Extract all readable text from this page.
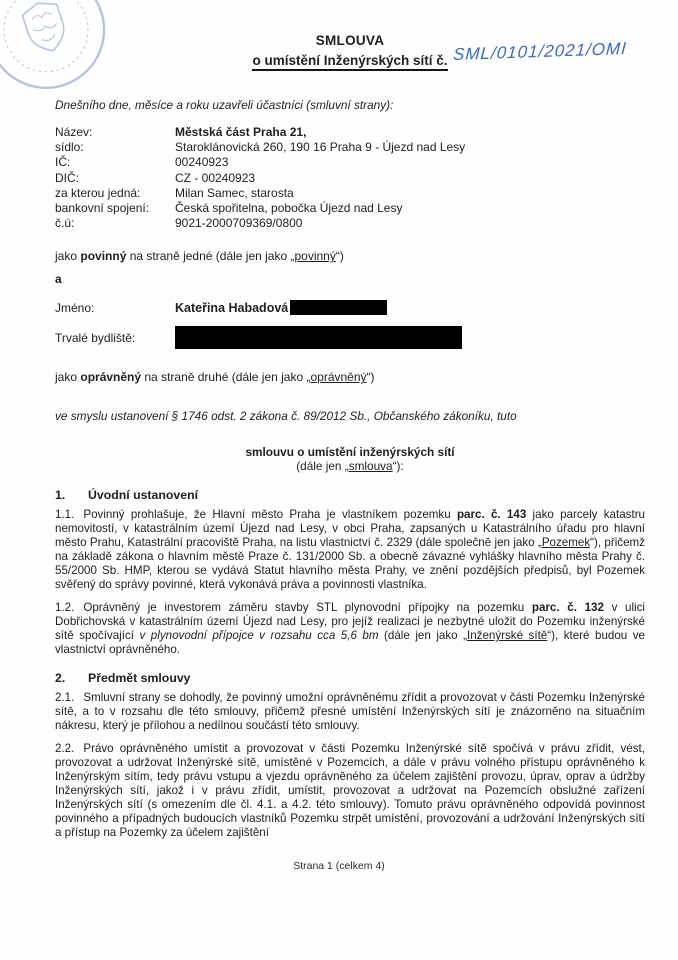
SMLOUVA
o umístění Inženýrských sítí č. SML/0101/2021/OMI
Dnešního dne, měsíce a roku uzavřeli účastníci (smluvní strany):
Název:	Městská část Praha 21,
sídlo:	Staroklánovická 260, 190 16 Praha 9 - Újezd nad Lesy
IČ:	00240923
DIČ:	CZ - 00240923
za kterou jedná:	Milan Samec, starosta
bankovní spojení:	Česká spořitelna, pobočka Újezd nad Lesy
č.ú:	9021-2000709369/0800
jako povinný na straně jedné (dále jen jako „povinný“)
a
Jméno:	Kateřina Habadová
Trvalé bydliště:
jako oprávněný na straně druhé (dále jen jako „oprávněný“)
ve smyslu ustanovení § 1746 odst. 2 zákona č. 89/2012 Sb., Občanského zákoníku, tuto
smlouvu o umístění inženýrských sítí
(dále jen „smlouva“):
1.	Úvodní ustanovení
1.1. Povinný prohlašuje, že Hlavní město Praha je vlastníkem pozemku parc. č. 143 jako parcely katastru nemovitostí, v katastrálním území Újezd nad Lesy, v obci Praha, zapsaných u Katastrálního úřadu pro hlavní město Prahu, Katastrální pracoviště Praha, na listu vlastnictví č. 2329 (dále společně jen jako „Pozemek“), přičemž na základě zákona o hlavním městě Praze č. 131/2000 Sb. a obecně závazné vyhlášky hlavního města Prahy č. 55/2000 Sb. HMP, kterou se vydává Statut hlavního města Prahy, ve znění pozdějších předpisů, byl Pozemek svěřený do správy povinné, která vykonává práva a povinnosti vlastníka.
1.2. Oprávněný je investorem záměru stavby STL plynovodní přípojky na pozemku parc. č. 132 v ulici Dobřichovská v katastrálním území Újezd nad Lesy, pro jejíž realizaci je nezbytné uložit do Pozemku inženýrské sítě spočívající v plynovodní přípojce v rozsahu cca 5,6 bm (dále jen jako „Inženýrské sítě“), které budou ve vlastnictví oprávněného.
2.	Předmět smlouvy
2.1. Smluvní strany se dohodly, že povinný umožní oprávněnému zřídit a provozovat v části Pozemku Inženýrské sítě, a to v rozsahu dle této smlouvy, přičemž přesné umístění Inženýrských sítí je znázorněno na situačním nákresu, který je přílohou a nedílnou součástí této smlouvy.
2.2. Právo oprávněného umístit a provozovat v části Pozemku Inženýrské sítě spočívá v právu zřídit, vést, provozovat a udržovat Inženýrské sítě, umístěné v Pozemcích, a dále v právu volného přístupu oprávněného k Inženýrským sítím, tedy právu vstupu a vjezdu oprávněného za účelem zajištění provozu, úprav, oprav a údržby Inženýrských sítí, jakož i v právu zřídit, umístit, provozovat a udržovat na Pozemcích obslužné zařízení Inženýrských sítí (s omezením dle čl. 4.1. a 4.2. této smlouvy). Tomuto právu oprávněného odpovídá povinnost povinného a případných budoucích vlastníků Pozemku strpět umístění, provozování a udržování Inženýrských sítí a přístup na Pozemky za účelem zajištění
Strana 1 (celkem 4)
